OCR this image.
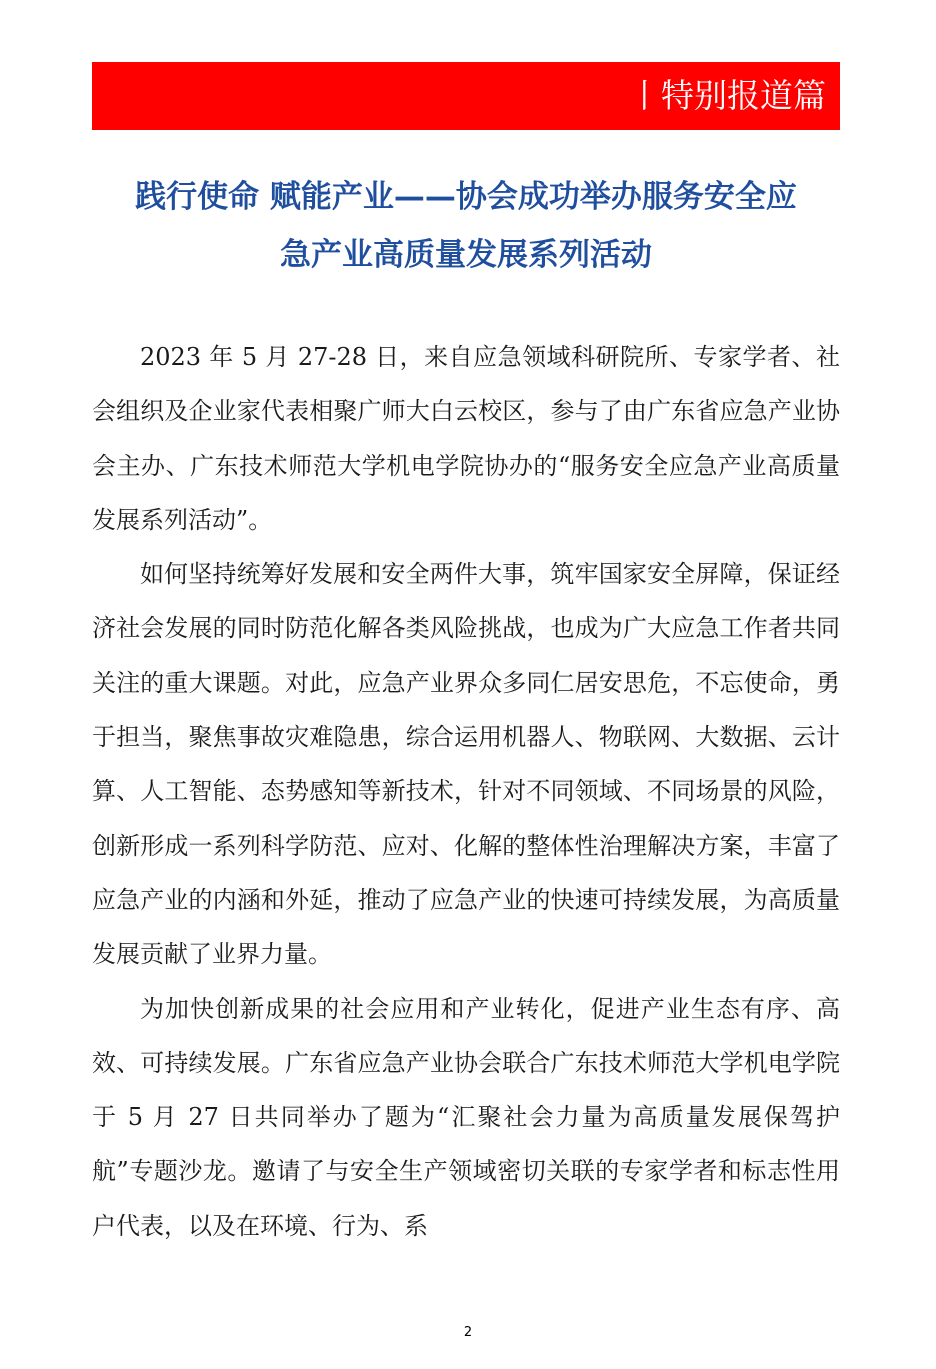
丨特别报道篇
践行使命 赋能产业——协会成功举办服务安全应
急产业高质量发展系列活动

2023 年 5 月 27-28 日，来自应急领域科研院所、专家学者、社会组织及企业家代表相聚广师大白云校区，参与了由广东省应急产业协会主办、广东技术师范大学机电学院协办的“服务安全应急产业高质量发展系列活动”。

如何坚持统筹好发展和安全两件大事，筑牢国家安全屏障，保证经济社会发展的同时防范化解各类风险挑战，也成为广大应急工作者共同关注的重大课题。对此，应急产业界众多同仁居安思危，不忘使命，勇于担当，聚焦事故灾难隐患，综合运用机器人、物联网、大数据、云计算、人工智能、态势感知等新技术，针对不同领域、不同场景的风险，创新形成一系列科学防范、应对、化解的整体性治理解决方案，丰富了应急产业的内涵和外延，推动了应急产业的快速可持续发展，为高质量发展贡献了业界力量。

为加快创新成果的社会应用和产业转化，促进产业生态有序、高效、可持续发展。广东省应急产业协会联合广东技术师范大学机电学院于 5 月 27 日共同举办了题为“汇聚社会力量为高质量发展保驾护航”专题沙龙。邀请了与安全生产领域密切关联的专家学者和标志性用户代表，以及在环境、行为、系

2
